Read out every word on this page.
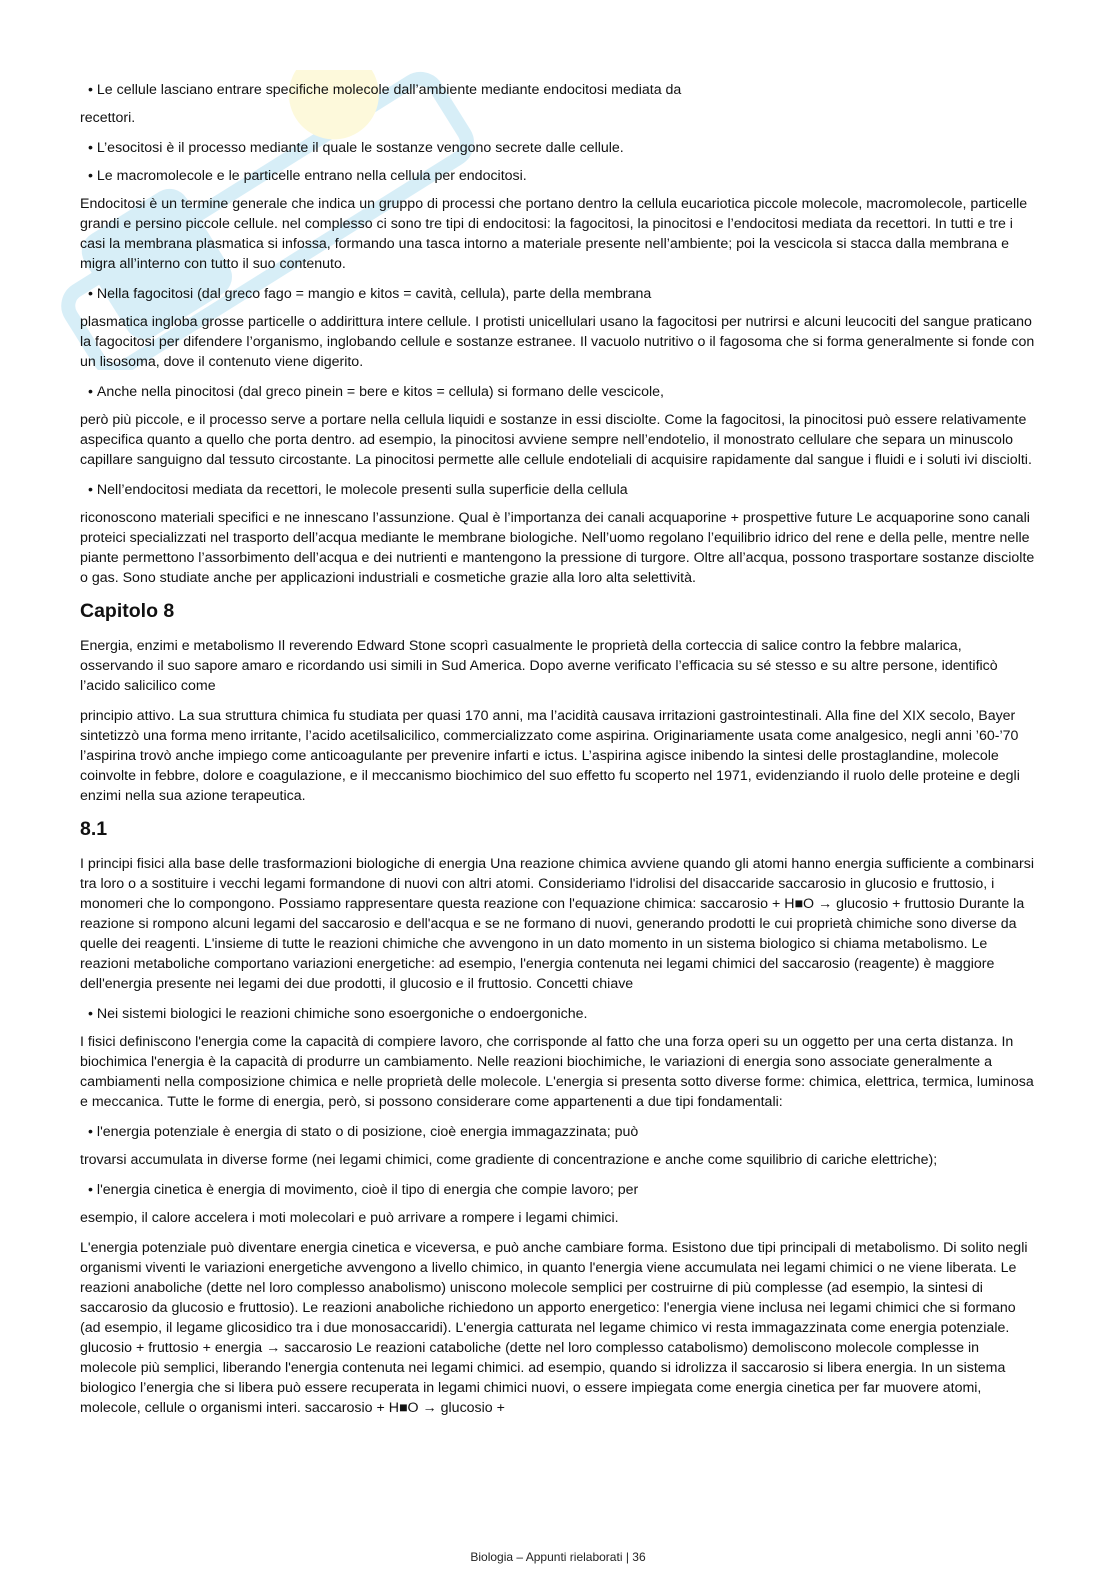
• Le cellule lasciano entrare specifiche molecole dall’ambiente mediante endocitosi mediata da

recettori.

• L’esocitosi è il processo mediante il quale le sostanze vengono secrete dalle cellule.

• Le macromolecole e le particelle entrano nella cellula per endocitosi.

Endocitosi è un termine generale che indica un gruppo di processi che portano dentro la cellula eucariotica piccole molecole, macromolecole, particelle grandi e persino piccole cellule. nel complesso ci sono tre tipi di endocitosi: la fagocitosi, la pinocitosi e l’endocitosi mediata da recettori. In tutti e tre i casi la membrana plasmatica si infossa, formando una tasca intorno a materiale presente nell’ambiente; poi la vescicola si stacca dalla membrana e migra all’interno con tutto il suo contenuto.

• Nella fagocitosi (dal greco fago = mangio e kitos = cavità, cellula), parte della membrana

plasmatica ingloba grosse particelle o addirittura intere cellule. I protisti unicellulari usano la fagocitosi per nutrirsi e alcuni leucociti del sangue praticano la fagocitosi per difendere l’organismo, inglobando cellule e sostanze estranee. Il vacuolo nutritivo o il fagosoma che si forma generalmente si fonde con un lisosoma, dove il contenuto viene digerito.

• Anche nella pinocitosi (dal greco pinein = bere e kitos = cellula) si formano delle vescicole,

però più piccole, e il processo serve a portare nella cellula liquidi e sostanze in essi disciolte. Come la fagocitosi, la pinocitosi può essere relativamente aspecifica quanto a quello che porta dentro. ad esempio, la pinocitosi avviene sempre nell’endotelio, il monostrato cellulare che separa un minuscolo capillare sanguigno dal tessuto circostante. La pinocitosi permette alle cellule endoteliali di acquisire rapidamente dal sangue i fluidi e i soluti ivi disciolti.

• Nell’endocitosi mediata da recettori, le molecole presenti sulla superficie della cellula

riconoscono materiali specifici e ne innescano l’assunzione. Qual è l’importanza dei canali acquaporine + prospettive future Le acquaporine sono canali proteici specializzati nel trasporto dell’acqua mediante le membrane biologiche. Nell’uomo regolano l’equilibrio idrico del rene e della pelle, mentre nelle piante permettono l’assorbimento dell’acqua e dei nutrienti e mantengono la pressione di turgore. Oltre all’acqua, possono trasportare sostanze disciolte o gas. Sono studiate anche per applicazioni industriali e cosmetiche grazie alla loro alta selettività.

Capitolo 8

Energia, enzimi e metabolismo Il reverendo Edward Stone scoprì casualmente le proprietà della corteccia di salice contro la febbre malarica, osservando il suo sapore amaro e ricordando usi simili in Sud America. Dopo averne verificato l’efficacia su sé stesso e su altre persone, identificò l’acido salicilico come

principio attivo. La sua struttura chimica fu studiata per quasi 170 anni, ma l’acidità causava irritazioni gastrointestinali. Alla fine del XIX secolo, Bayer sintetizzò una forma meno irritante, l’acido acetilsalicilico, commercializzato come aspirina. Originariamente usata come analgesico, negli anni ’60-’70 l’aspirina trovò anche impiego come anticoagulante per prevenire infarti e ictus. L’aspirina agisce inibendo la sintesi delle prostaglandine, molecole coinvolte in febbre, dolore e coagulazione, e il meccanismo biochimico del suo effetto fu scoperto nel 1971, evidenziando il ruolo delle proteine e degli enzimi nella sua azione terapeutica.

8.1

I principi fisici alla base delle trasformazioni biologiche di energia Una reazione chimica avviene quando gli atomi hanno energia sufficiente a combinarsi tra loro o a sostituire i vecchi legami formandone di nuovi con altri atomi. Consideriamo l'idrolisi del disaccaride saccarosio in glucosio e fruttosio, i monomeri che lo compongono. Possiamo rappresentare questa reazione con l'equazione chimica: saccarosio + H■O → glucosio + fruttosio Durante la reazione si rompono alcuni legami del saccarosio e dell'acqua e se ne formano di nuovi, generando prodotti le cui proprietà chimiche sono diverse da quelle dei reagenti. L'insieme di tutte le reazioni chimiche che avvengono in un dato momento in un sistema biologico si chiama metabolismo. Le reazioni metaboliche comportano variazioni energetiche: ad esempio, l'energia contenuta nei legami chimici del saccarosio (reagente) è maggiore dell'energia presente nei legami dei due prodotti, il glucosio e il fruttosio. Concetti chiave

• Nei sistemi biologici le reazioni chimiche sono esoergoniche o endoergoniche.

I fisici definiscono l'energia come la capacità di compiere lavoro, che corrisponde al fatto che una forza operi su un oggetto per una certa distanza. In biochimica l'energia è la capacità di produrre un cambiamento. Nelle reazioni biochimiche, le variazioni di energia sono associate generalmente a cambiamenti nella composizione chimica e nelle proprietà delle molecole. L'energia si presenta sotto diverse forme: chimica, elettrica, termica, luminosa e meccanica. Tutte le forme di energia, però, si possono considerare come appartenenti a due tipi fondamentali:

• l'energia potenziale è energia di stato o di posizione, cioè energia immagazzinata; può

trovarsi accumulata in diverse forme (nei legami chimici, come gradiente di concentrazione e anche come squilibrio di cariche elettriche);

• l'energia cinetica è energia di movimento, cioè il tipo di energia che compie lavoro; per

esempio, il calore accelera i moti molecolari e può arrivare a rompere i legami chimici.

L'energia potenziale può diventare energia cinetica e viceversa, e può anche cambiare forma. Esistono due tipi principali di metabolismo. Di solito negli organismi viventi le variazioni energetiche avvengono a livello chimico, in quanto l'energia viene accumulata nei legami chimici o ne viene liberata. Le reazioni anaboliche (dette nel loro complesso anabolismo) uniscono molecole semplici per costruirne di più complesse (ad esempio, la sintesi di saccarosio da glucosio e fruttosio). Le reazioni anaboliche richiedono un apporto energetico: l'energia viene inclusa nei legami chimici che si formano (ad esempio, il legame glicosidico tra i due monosaccaridi). L'energia catturata nel legame chimico vi resta immagazzinata come energia potenziale. glucosio + fruttosio + energia → saccarosio Le reazioni cataboliche (dette nel loro complesso catabolismo) demoliscono molecole complesse in molecole più semplici, liberando l'energia contenuta nei legami chimici. ad esempio, quando si idrolizza il saccarosio si libera energia. In un sistema biologico l’energia che si libera può essere recuperata in legami chimici nuovi, o essere impiegata come energia cinetica per far muovere atomi, molecole, cellule o organismi interi. saccarosio + H■O → glucosio +

Biologia – Appunti rielaborati | 36
